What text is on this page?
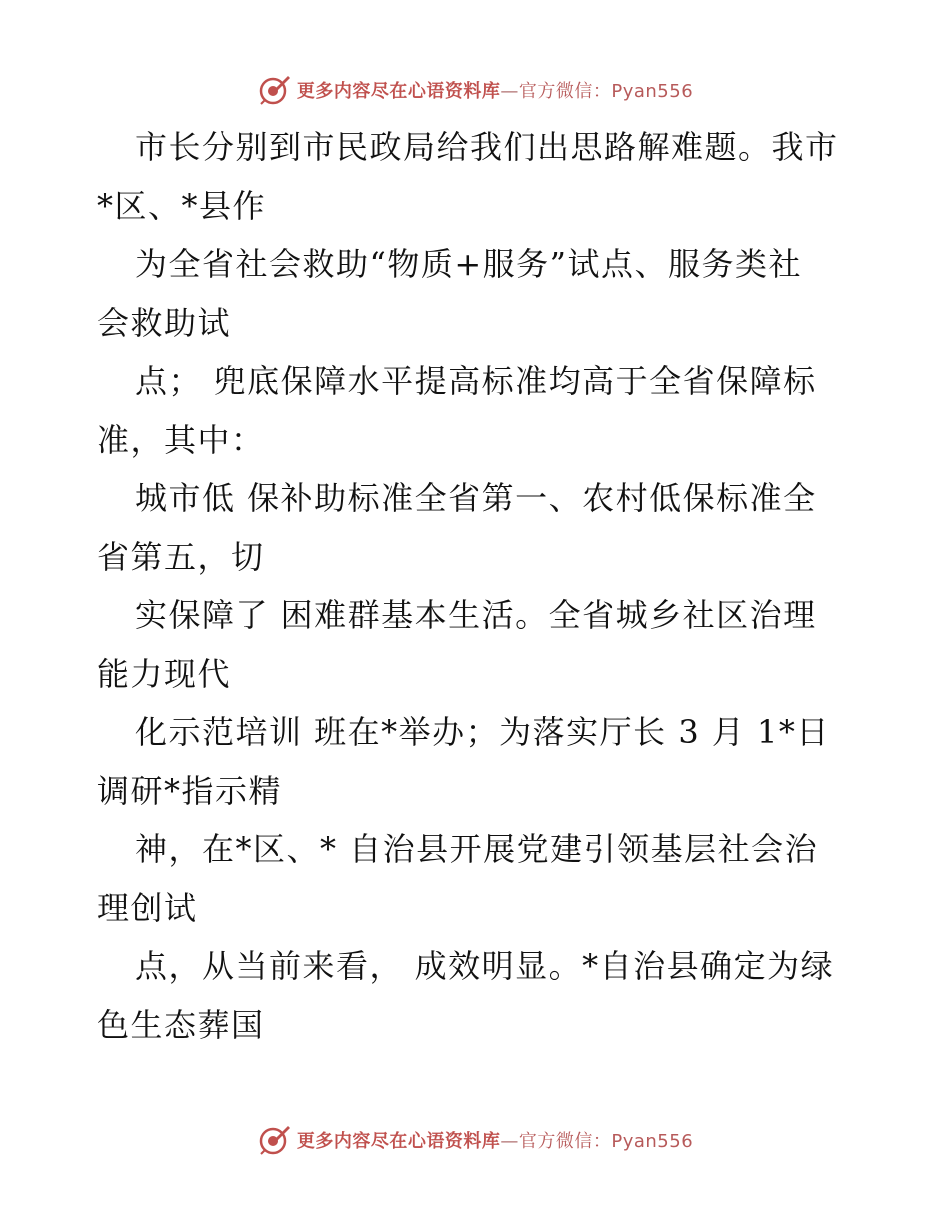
更多内容尽在心语资料库—官方微信：Pyan556
市长分别到市民政局给我们出思路解难题。我市
*区、*县作
为全省社会救助“物质+服务”试点、服务类社
会救助试
点； 兜底保障水平提高标准均高于全省保障标
准，其中：
城市低 保补助标准全省第一、农村低保标准全
省第五，切
实保障了 困难群基本生活。全省城乡社区治理
能力现代
化示范培训 班在*举办；为落实厅长 3 月 1*日
调研*指示精
神，在*区、* 自治县开展党建引领基层社会治
理创试
点，从当前来看， 成效明显。*自治县确定为绿
色生态葬国
更多内容尽在心语资料库—官方微信：Pyan556
